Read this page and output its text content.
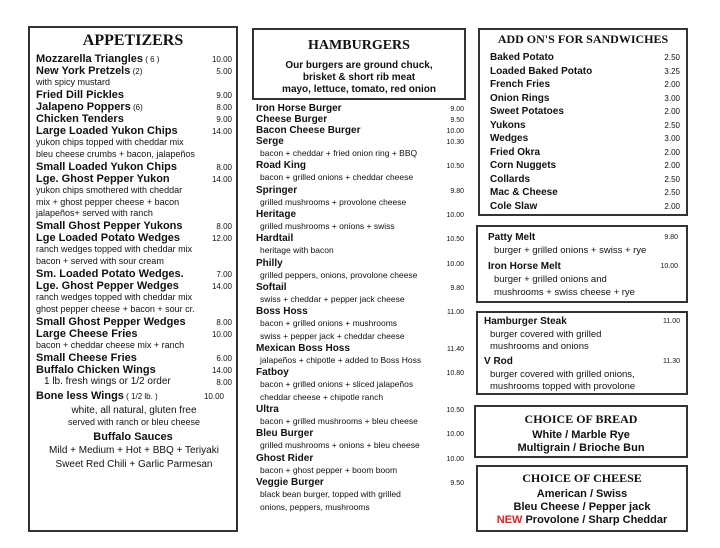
APPETIZERS
Mozzarella Triangles ( 6 )	10.00
New York Pretzels (2)	5.00
with spicy mustard
Fried Dill Pickles	9.00
Jalapeno Poppers (6)	8.00
Chicken Tenders	9.00
Large Loaded Yukon Chips	14.00
yukon chips topped with cheddar mix
bleu cheese crumbs + bacon, jalapeños
Small Loaded Yukon Chips	8.00
Lge. Ghost Pepper Yukon	14.00
yukon chips smothered with cheddar
mix + ghost pepper cheese + bacon
jalapeños+ served with ranch
Small Ghost Pepper Yukons	8.00
Lge Loaded Potato Wedges	12.00
ranch wedges topped with cheddar mix
bacon + served with sour cream
Sm. Loaded Potato Wedges.	7.00
Lge. Ghost Pepper Wedges	14.00
ranch wedges topped with cheddar mix
ghost pepper cheese + bacon + sour cr.
Small Ghost Pepper Wedges	8.00
Large Cheese Fries	10.00
bacon + cheddar cheese mix + ranch
Small Cheese Fries	6.00
Buffalo Chicken Wings	14.00
1 lb. fresh wings or 1/2 order	8.00
Bone less Wings ( 1/2 lb. )	10.00
white, all natural, gluten free
served with ranch or bleu cheese
Buffalo Sauces
Mild + Medium + Hot + BBQ + Teriyaki
Sweet Red Chili + Garlic Parmesan
HAMBURGERS
Our burgers are ground chuck,
brisket & short rib meat
mayo, lettuce, tomato, red onion
Iron Horse Burger	9.00
Cheese Burger	9.50
Bacon Cheese Burger	10.00
Serge	10.30
bacon + cheddar + fried onion ring + BBQ
Road King	10.50
bacon + grilled onions + cheddar cheese
Springer	9.80
grilled mushrooms + provolone cheese
Heritage	10.00
grilled mushrooms + onions + swiss
Hardtail	10.50
heritage with bacon
Philly	10.00
grilled peppers, onions, provolone cheese
Softail	9.80
swiss + cheddar + pepper jack cheese
Boss Hoss	11.00
bacon + grilled onions + mushrooms
swiss + pepper jack + cheddar cheese
Mexican Boss Hoss	11.40
jalapeños + chipotle + added to Boss Hoss
Fatboy	10.80
bacon + grilled onions + sliced jalapeños
cheddar cheese + chipotle ranch
Ultra	10.50
bacon + grilled mushrooms + bleu cheese
Bleu Burger	10.00
grilled mushrooms + onions + bleu cheese
Ghost Rider	10.00
bacon + ghost pepper + boom boom
Veggie Burger	9.50
black bean burger, topped with grilled
onions, peppers, mushrooms
ADD ON'S FOR SANDWICHES
Baked Potato	2.50
Loaded Baked Potato	3.25
French Fries	2.00
Onion Rings	3.00
Sweet Potatoes	2.00
Yukons	2.50
Wedges	3.00
Fried Okra	2.00
Corn Nuggets	2.00
Collards	2.50
Mac & Cheese	2.50
Cole Slaw	2.00
Patty Melt	9.80
burger + grilled onions + swiss + rye
Iron Horse Melt	10.00
burger + grilled onions and
mushrooms + swiss cheese + rye
Hamburger Steak	11.00
burger covered with grilled
mushrooms and onions
V Rod	11.30
burger covered with grilled onions,
mushrooms topped with provolone
CHOICE OF BREAD
White / Marble Rye
Multigrain / Brioche Bun
CHOICE OF CHEESE
American / Swiss
Bleu Cheese / Pepper jack
NEW Provolone / Sharp Cheddar
